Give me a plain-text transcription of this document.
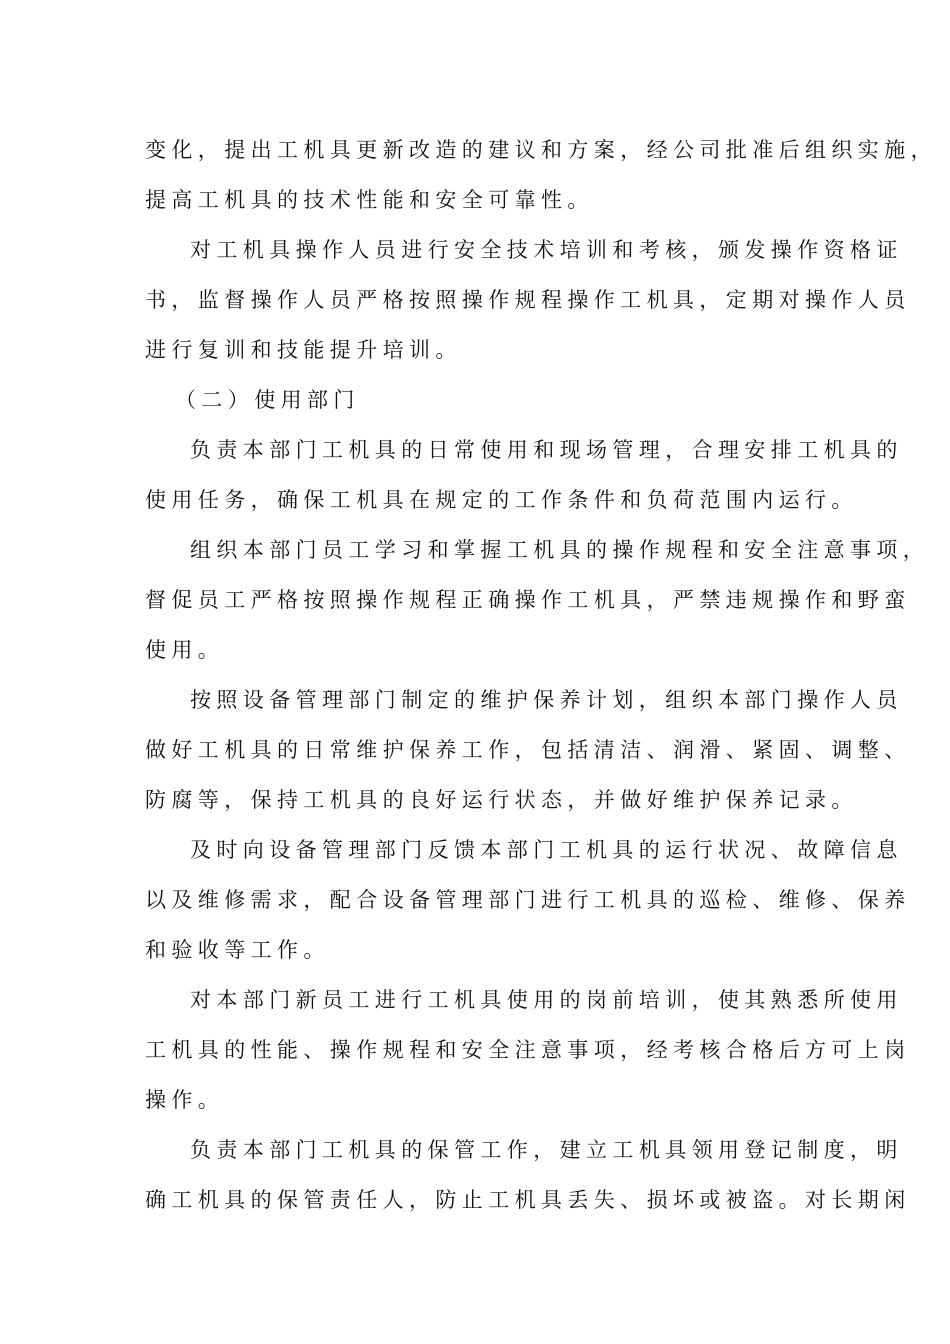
变化，提出工机具更新改造的建议和方案，经公司批准后组织实施，
提高工机具的技术性能和安全可靠性。
对工机具操作人员进行安全技术培训和考核，颁发操作资格证
书，监督操作人员严格按照操作规程操作工机具，定期对操作人员
进行复训和技能提升培训。
（二）使用部门
负责本部门工机具的日常使用和现场管理，合理安排工机具的
使用任务，确保工机具在规定的工作条件和负荷范围内运行。
组织本部门员工学习和掌握工机具的操作规程和安全注意事项，
督促员工严格按照操作规程正确操作工机具，严禁违规操作和野蛮
使用。
按照设备管理部门制定的维护保养计划，组织本部门操作人员
做好工机具的日常维护保养工作，包括清洁、润滑、紧固、调整、
防腐等，保持工机具的良好运行状态，并做好维护保养记录。
及时向设备管理部门反馈本部门工机具的运行状况、故障信息
以及维修需求，配合设备管理部门进行工机具的巡检、维修、保养
和验收等工作。
对本部门新员工进行工机具使用的岗前培训，使其熟悉所使用
工机具的性能、操作规程和安全注意事项，经考核合格后方可上岗
操作。
负责本部门工机具的保管工作，建立工机具领用登记制度，明
确工机具的保管责任人，防止工机具丢失、损坏或被盗。对长期闲
